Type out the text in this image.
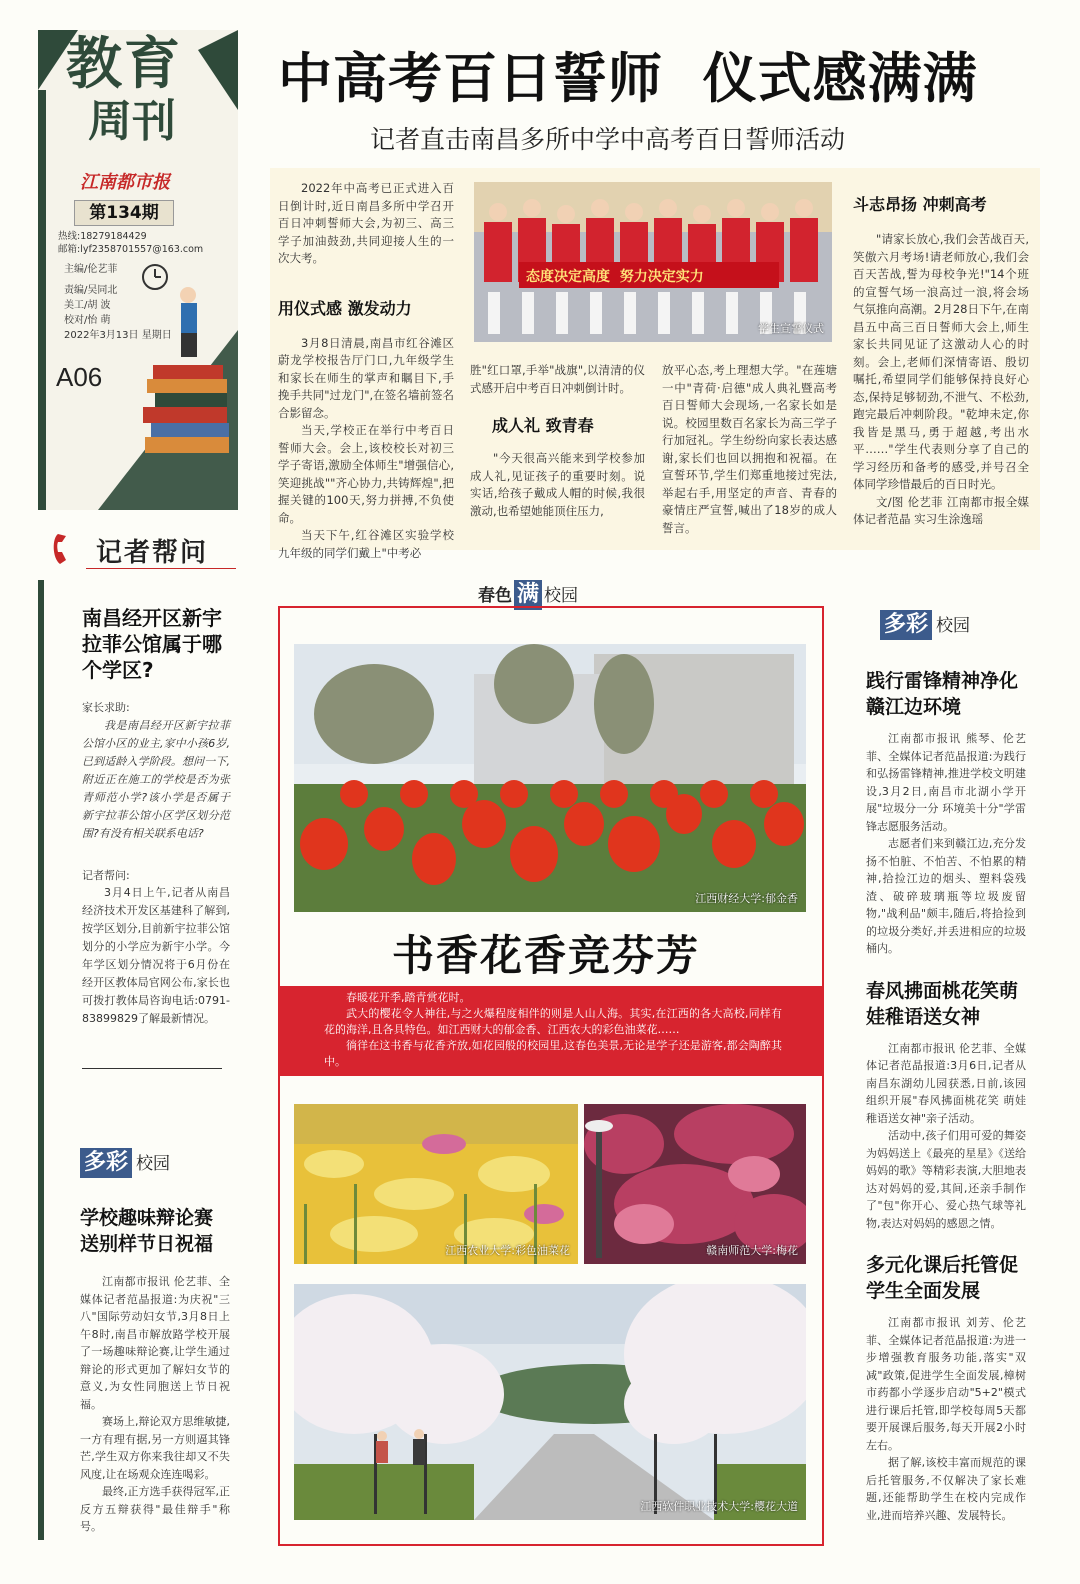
教育
周刊
江南都市报
第134期
热线:18279184429
邮箱:lyf2358701557@163.com
主编/伦艺菲
责编/吴同北
美工/胡 波
校对/怡 萌
2022年3月13日 星期日
A06
中高考百日誓师  仪式感满满
记者直击南昌多所中学中高考百日誓师活动
2022年中高考已正式进入百日倒计时,近日南昌多所中学召开百日冲刺誓师大会,为初三、高三学子加油鼓劲,共同迎接人生的一次大考。
用仪式感 激发动力
3月8日清晨,南昌市红谷滩区蔚龙学校报告厅门口,九年级学生和家长在师生的掌声和瞩目下,手挽手共同"过龙门",在签名墙前签名合影留念。
当天,学校正在举行中考百日誓师大会。会上,该校校长对初三学子寄语,激励全体师生"增强信心,笑迎挑战""齐心协力,共铸辉煌",把握关键的100天,努力拼搏,不负使命。
当天下午,红谷滩区实验学校九年级的同学们戴上"中考必
态度决定高度  努力决定实力
学生宣誓仪式
胜"红口罩,手举"战旗",以清清的仪式感开启中考百日冲刺倒计时。
成人礼 致青春
"今天很高兴能来到学校参加成人礼,见证孩子的重要时刻。说实话,给孩子戴成人帽的时候,我很激动,也希望她能顶住压力,
放平心态,考上理想大学。"在莲塘一中"青荷·启德"成人典礼暨高考百日誓师大会现场,一名家长如是说。校园里数百名家长为高三学子行加冠礼。学生纷纷向家长表达感谢,家长们也回以拥抱和祝福。在宣誓环节,学生们郑重地接过宪法,举起右手,用坚定的声音、青春的豪情庄严宣誓,喊出了18岁的成人誓言。
斗志昂扬 冲刺高考
"请家长放心,我们会苦战百天,笑傲六月考场!请老师放心,我们会百天苦战,誓为母校争光!"14个班的宣誓气场一浪高过一浪,将会场气氛推向高潮。2月28日下午,在南昌五中高三百日誓师大会上,师生家长共同见证了这激动人心的时刻。会上,老师们深情寄语、殷切嘱托,希望同学们能够保持良好心态,保持足够韧劲,不泄气、不松劲,跑完最后冲刺阶段。"乾坤未定,你我皆是黑马,勇于超越,考出水平……"学生代表则分享了自己的学习经历和备考的感受,并号召全体同学珍惜最后的百日时光。
文/图 伦艺菲 江南都市报全媒体记者范晶 实习生涂逸瑶
记者帮问
南昌经开区新宇拉菲公馆属于哪个学区?
家长求助:
我是南昌经开区新宇拉菲公馆小区的业主,家中小孩6岁,已到适龄入学阶段。想问一下,附近正在施工的学校是否为张青师范小学?该小学是否属于新宇拉菲公馆小区学区划分范围?有没有相关联系电话?
记者帮问:
3月4日上午,记者从南昌经济技术开发区基建科了解到,按学区划分,目前新宇拉菲公馆划分的小学应为新宇小学。今年学区划分情况将于6月份在经开区教体局官网公布,家长也可拨打教体局咨询电话:0791-83899829了解最新情况。
多彩 校园
学校趣味辩论赛送别样节日祝福
江南都市报讯 伦艺菲、全媒体记者范晶报道:为庆祝"三八"国际劳动妇女节,3月8日上午8时,南昌市解放路学校开展了一场趣味辩论赛,让学生通过辩论的形式更加了解妇女节的意义,为女性同胞送上节日祝福。
赛场上,辩论双方思维敏捷,一方有理有据,另一方则逼其锋芒,学生双方你来我往却又不失风度,让在场观众连连喝彩。
最终,正方选手获得冠军,正反方五辩获得"最佳辩手"称号。
春色 满 校园
江西财经大学:郁金香
书香花香竞芬芳
春暖花开季,踏青赏花时。
武大的樱花令人神往,与之火爆程度相伴的则是人山人海。其实,在江西的各大高校,同样有花的海洋,且各具特色。如江西财大的郁金香、江西农大的彩色油菜花……
徜徉在这书香与花香齐放,如花园般的校园里,这春色美景,无论是学子还是游客,都会陶醉其中。
江西农业大学:彩色油菜花	赣南师范大学:梅花
江西软件职业技术大学:樱花大道
多彩 校园
践行雷锋精神净化赣江边环境
江南都市报讯 熊琴、伦艺菲、全媒体记者范晶报道:为践行和弘扬雷锋精神,推进学校文明建设,3月2日,南昌市北湖小学开展"垃圾分一分 环境美十分"学雷锋志愿服务活动。
志愿者们来到赣江边,充分发扬不怕脏、不怕苦、不怕累的精神,拾捡江边的烟头、塑料袋残渣、破碎玻璃瓶等垃圾废留物,"战利品"颇丰,随后,将拾捡到的垃圾分类好,并丢进相应的垃圾桶内。
春风拂面桃花笑萌娃稚语送女神
江南都市报讯 伦艺菲、全媒体记者范晶报道:3月6日,记者从南昌东湖幼儿园获悉,日前,该园组织开展"春风拂面桃花笑 萌娃稚语送女神"亲子活动。
活动中,孩子们用可爱的舞姿为妈妈送上《最亮的星星》《送给妈妈的歌》等精彩表演,大胆地表达对妈妈的爱,其间,还亲手制作了"包"你开心、爱心热气球等礼物,表达对妈妈的感恩之情。
多元化课后托管促学生全面发展
江南都市报讯 刘芳、伦艺菲、全媒体记者范晶报道:为进一步增强教育服务功能,落实"双减"政策,促进学生全面发展,樟树市药都小学逐步启动"5+2"模式进行课后托管,即学校每周5天都要开展课后服务,每天开展2小时左右。
据了解,该校丰富而规范的课后托管服务,不仅解决了家长难题,还能帮助学生在校内完成作业,进而培养兴趣、发展特长。
